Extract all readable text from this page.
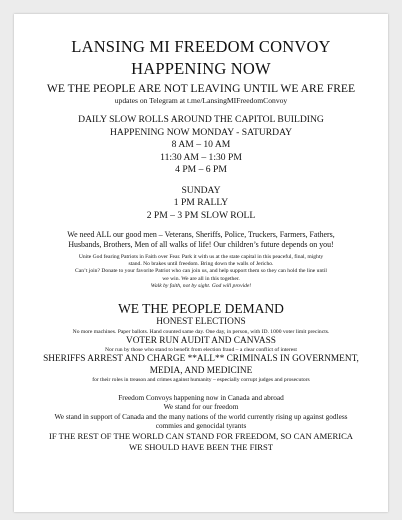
LANSING MI FREEDOM CONVOY
HAPPENING NOW
WE THE PEOPLE ARE NOT LEAVING UNTIL WE ARE FREE
updates on Telegram at t.me/LansingMIFreedomConvoy
DAILY SLOW ROLLS AROUND THE CAPITOL BUILDING
HAPPENING NOW MONDAY - SATURDAY
8 AM – 10 AM
11:30 AM – 1:30 PM
4 PM – 6 PM
SUNDAY
1 PM RALLY
2 PM – 3 PM SLOW ROLL
We need ALL our good men – Veterans, Sheriffs, Police, Truckers, Farmers, Fathers,
Husbands, Brothers, Men of all walks of life! Our children’s future depends on you!
Unite God fearing Patriots in Faith over Fear. Park it with us at the state capital in this peaceful, final, mighty
stand. No brakes until freedom. Bring down the walls of Jericho.
Can’t join? Donate to your favorite Patriot who can join us, and help support them so they can hold the line until
we win. We are all in this together.
Walk by faith, not by sight. God will provide!
WE THE PEOPLE DEMAND
HONEST ELECTIONS
No more machines. Paper ballots. Hand counted same day. One day, in person, with ID. 1000 voter limit precincts.
VOTER RUN AUDIT AND CANVASS
Nor run by those who stand to benefit from election fraud – a clear conflict of interest
SHERIFFS ARREST AND CHARGE **ALL** CRIMINALS IN GOVERNMENT,
MEDIA, AND MEDICINE
for their roles in treason and crimes against humanity – especially corrupt judges and prosecutors
Freedom Convoys happening now in Canada and abroad
We stand for our freedom
We stand in support of Canada and the many nations of the world currently rising up against godless
commies and genocidal tyrants
IF THE REST OF THE WORLD CAN STAND FOR FREEDOM, SO CAN AMERICA
WE SHOULD HAVE BEEN THE FIRST
